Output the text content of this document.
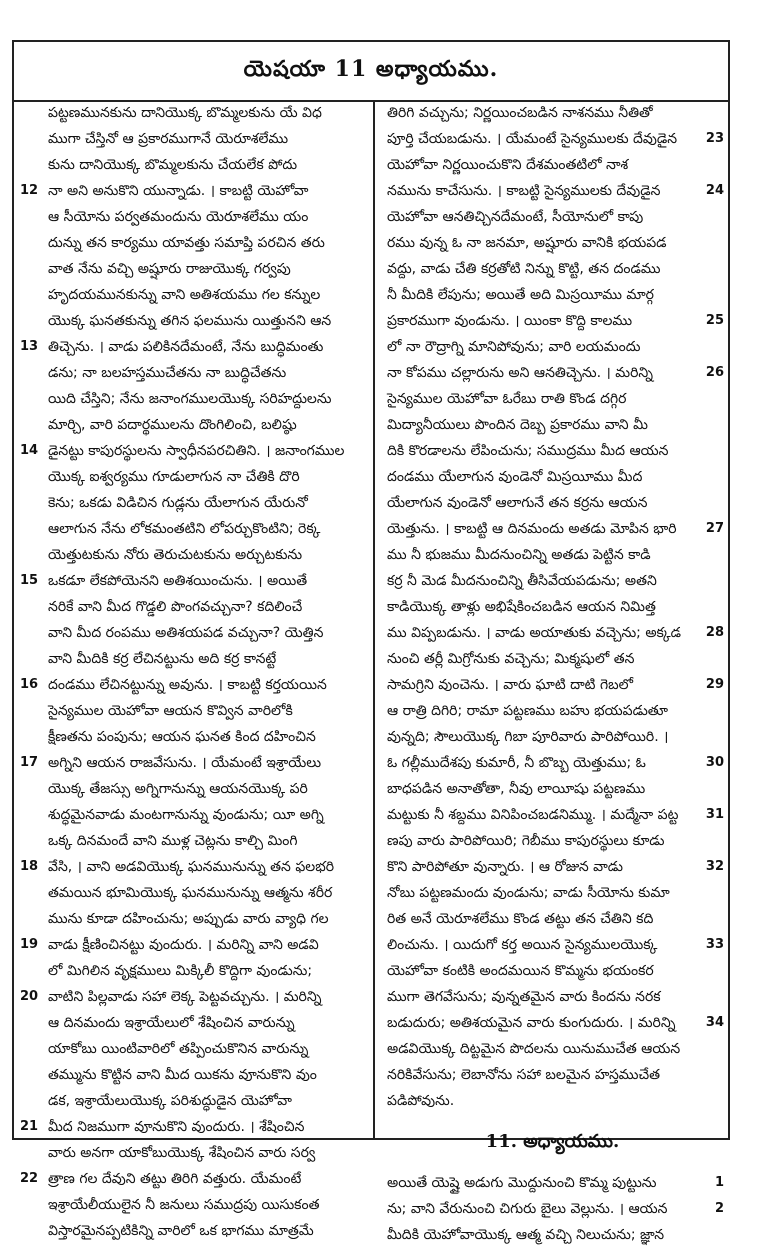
యెషయా 11 అధ్యాయము.
పట్టణమునకును దానియొక్క బొమ్మలకును యే విధ
ముగా చేస్తినో ఆ ప్రకారముగానే యెరూశలేము
కును దానియొక్క బొమ్మలకును చేయలేక పోదు
12 నా అని అనుకొని యున్నాడు. । కాబట్టి యెహోవా
ఆ సీయోను పర్వతమందును యెరూశలేము యం
దున్ను తన కార్యము యావత్తు సమాప్తి పరచిన తరు
వాత నేను వచ్చి అష్షూరు రాజుయొక్క గర్వపు
హృదయమునకున్ను వాని అతిశయము గల కన్నుల
యొక్క ఘనతకున్ను తగిన ఫలమును యిత్తునని ఆన
13 తిచ్చెను. । వాడు పలికినదేమంటే, నేను బుద్ధిమంతు
డను; నా బలహస్తముచేతను నా బుద్ధిచేతను
యిది చేస్తిని; నేను జనాంగములయొక్క సరిహద్దులను
మార్చి, వారి పదార్థములను దొంగిలించి, బలిష్ఠు
14 డైనట్టు కాపురస్థులను స్వాధీనపరచితిని. । జనాంగముల
యొక్క ఐశ్వర్యము గూడులాగున నా చేతికి దొరి
కెను; ఒకడు విడిచిన గుడ్లను యేలాగున యేరునో
ఆలాగున నేను లోకమంతటిని లోపర్చుకొంటిని; రెక్క
యెత్తుటకును నోరు తెరుచుటకును అర్చుటకును
15 ఒకడూ లేకపోయెనని అతిశయించును. । అయితే
నరికే వాని మీద గొడ్డలి పొంగవచ్చునా? కదిలించే
వాని మీద రంపము అతిశయపడ వచ్చునా? యెత్తిన
వాని మీదికి కర్ర లేచినట్టును అది కర్ర కానట్టే
16 దండము లేచినట్టున్ను అవును. । కాబట్టి కర్తయయిన
సైన్యముల యెహోవా ఆయన కొవ్విన వారిలోకి
క్షీణతను పంపును; ఆయన ఘనత కింద దహించిన
17 అగ్నిని ఆయన రాజవేసును. । యేమంటే ఇశ్రాయేలు
యొక్క తేజస్సు అగ్నిగానున్ను ఆయనయొక్క పరి
శుద్ధమైనవాడు మంటగానున్ను వుండును; యీ అగ్ని
ఒక్క దినమందే వాని ముళ్ల చెట్లను కాల్చి మింగి
18 వేసి, । వాని అడవియొక్క ఘనమునున్ను తన ఫలభరి
తమయిన భూమియొక్క ఘనమునున్ను ఆత్మను శరీర
మును కూడా దహించును; అప్పుడు వారు వ్యాధి గల
19 వాడు క్షీణించినట్టు వుందురు. । మరిన్ని వాని అడవి
లో మిగిలిన వృక్షములు మిక్కిలీ కొద్దిగా వుండును;
20 వాటిని పిల్లవాడు సహా లెక్క పెట్టవచ్చును. । మరిన్ని
ఆ దినమందు ఇశ్రాయేలులో శేషించిన వారున్ను
యాకోబు యింటివారిలో తప్పించుకొనిన వారున్ను
తమ్మును కొట్టిన వాని మీద యికను వూనుకొని వుం
డక, ఇశ్రాయేలుయొక్క పరిశుద్ధుడైన యెహోవా
21 మీద నిజముగా వూనుకొని వుందురు. । శేషించిన
వారు అనగా యాకోబుయొక్క శేషించిన వారు సర్వ
22 త్రాణ గల దేవుని తట్టు తిరిగి వత్తురు. యేమంటే
ఇశ్రాయేలీయులైన నీ జనులు సముద్రపు యిసుకంత
విస్తారమైనప్పటికిన్ని వారిలో ఒక భాగము మాత్రమే
తిరిగి వచ్చును; నిర్ణయించబడిన నాశనము నీతితో
23
పూర్తి చేయబడును. । యేమంటే సైన్యములకు దేవుడైన
యెహోవా నిర్ణయించుకొని దేశమంతటిలో నాశ
24
నమును కాచేసును. । కాబట్టి సైన్యములకు దేవుడైన
యెహోవా ఆనతిచ్చినదేమంటే, సీయోనులో కాపు
రము వున్న ఓ నా జనమా, అష్షూరు వానికి భయపడ
వద్దు, వాడు చేతి కర్రతోటి నిన్ను కొట్టి, తన దండము
నీ మీదికి లేపును; అయితే అది మిస్రయీము మార్గ
25
ప్రకారముగా వుండును. । యింకా కొద్ది కాలము
లో నా రౌద్రాగ్ని మానిపోవును; వారి లయమందు
26
నా కోపము చల్లారును అని ఆనతిచ్చెను. । మరిన్ని
సైన్యముల యెహోవా ఓరేబు రాతి కొండ దగ్గిర
మిద్యానీయులు పొందిన దెబ్బ ప్రకారము వాని మీ
దికి కొరడాలను లేపించును; సముద్రము మీద ఆయన
దండము యేలాగున వుండెనో మిస్రయీము మీద
యేలాగున వుండెనో ఆలాగునే తన కర్రను ఆయన
27
యెత్తును. । కాబట్టి ఆ దినమందు అతడు మోపిన భారి
ము నీ భుజము మీదనుంచిన్ని అతడు పెట్టిన కాడి
కర్ర నీ మెడ మీదనుంచిన్ని తీసివేయపడును; అతని
కాడియొక్క తాళ్లు అభిషేకించబడిన ఆయన నిమిత్త
28
ము విప్పబడును. । వాడు అయాతుకు వచ్చెను; అక్కడ
నుంచి తర్లీ మిగ్రోనుకు వచ్చెను; మిక్మషులో తన
29
సామగ్రిని వుంచెను. । వారు ఘాటి దాటి గెబలో
ఆ రాత్రి దిగిరి; రామా పట్టణము బహు భయపడుతూ
వున్నది; సౌలుయొక్క గిబా పూరివారు పారిపోయిరి. ।
30
ఓ గల్లీముదేశపు కుమారీ, నీ బొబ్బ యెత్తుము; ఓ
బాధపడిన అనాతోతా, నీవు లాయీషు పట్టణము
31
మట్టుకు నీ శబ్దము వినిపించబడనిమ్ము. । మద్మేనా పట్ట
ణపు వారు పారిపోయిరి; గెబీము కాపురస్థులు కూడు
32
కొని పారిపోతూ వున్నారు. । ఆ రోజున వాడు
నోబు పట్టణమందు వుండును; వాడు సీయోను కుమా
రిత అనే యెరూశలేము కొండ తట్టు తన చేతిని కది
33
లించును. । యిదుగో కర్త అయిన సైన్యములయొక్క
యెహోవా కంటికి అందమయిన కొమ్మను భయంకర
ముగా తెగవేసును; వున్నతమైన వారు కిందను నరక
34
బడుదురు; అతిశయమైన వారు కుంగుదురు. । మరిన్ని
అడవియొక్క దిట్టమైన పొదలను యినుముచేత ఆయన
నరికివేసును; లెబానోను సహా బలమైన హస్తముచేత
పడిపోవును.
11. అధ్యాయము.
1
అయితే యెష్షై అడుగు మొద్దునుంచి కొమ్మ పుట్టును
2
ను; వాని వేరునుంచి చిగురు బైలు వెల్లును. । ఆయన
మీదికి యెహోవాయొక్క ఆత్మ వచ్చి నిలుచును; జ్ఞాన
